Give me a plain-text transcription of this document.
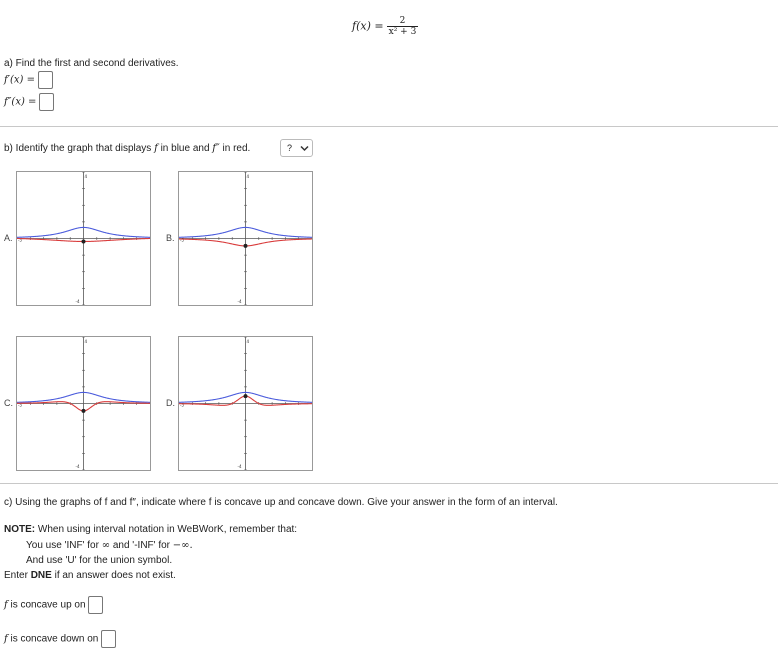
$f(x) = \frac{2}{\text{x² + 3}}$
a) Find the first and second derivatives.
f′(x) =
f″(x) =
b) Identify the graph that displays f in blue and f″ in red.	?
A.
4
-4
-5	B.
4
-4
-5
C.
4
-4
-5	D.
4
-4
-5
c) Using the graphs of f and f″, indicate where f is concave up and concave down. Give your answer in the form of an interval.
NOTE: When using interval notation in WeBWorK, remember that:
You use 'INF' for ∞ and '-INF' for −∞.
And use 'U' for the union symbol.
Enter DNE if an answer does not exist.
f is concave up on
f is concave down on
